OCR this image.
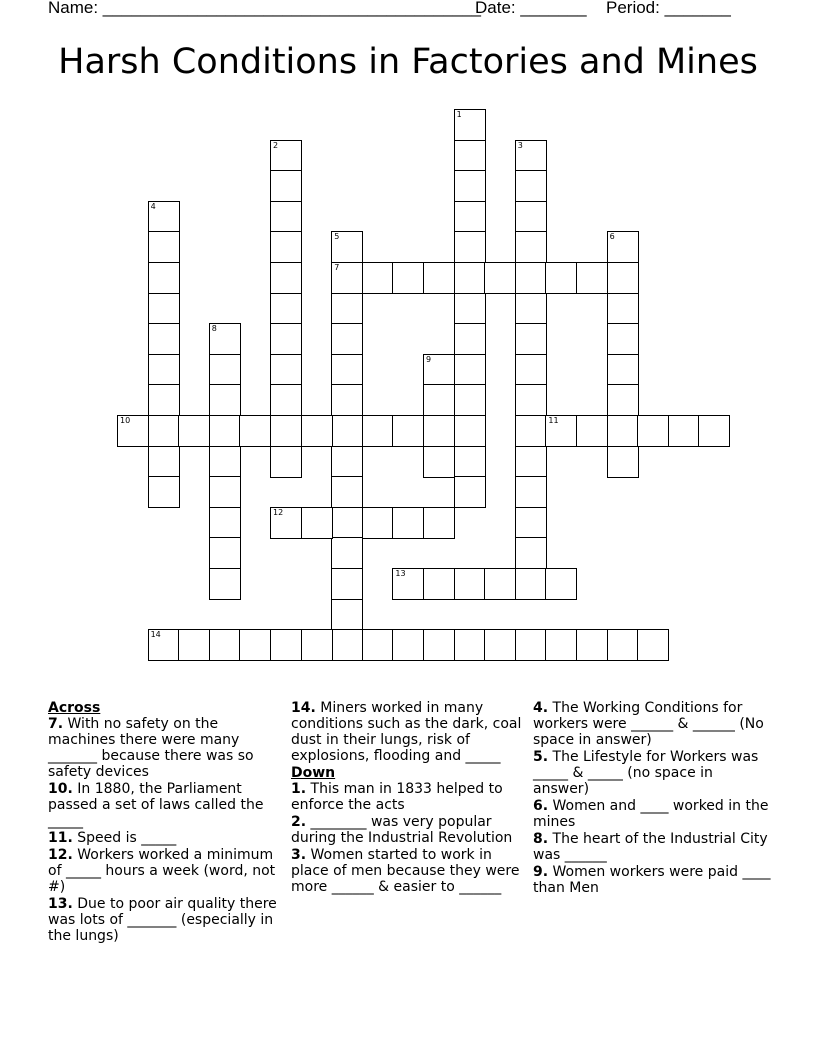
Name: ________________________________________
Date: _______ Period: _______
Harsh Conditions in Factories and Mines
1
2	3
4
5
7
6
8
9
10	11
12
13
14
Across
7. With no safety on the machines there were many _______ because there was so safety devices
10. In 1880, the Parliament passed a set of laws called the _____
11. Speed is _____
12. Workers worked a minimum of _____ hours a week (word, not #)
13. Due to poor air quality there was lots of _______ (especially in the lungs)
14. Miners worked in many conditions such as the dark, coal dust in their lungs, risk of explosions, flooding and _____
Down
1. This man in 1833 helped to enforce the acts
2. ________ was very popular during the Industrial Revolution
3. Women started to work in place of men because they were more ______ & easier to ______
4. The Working Conditions for workers were ______ & ______ (No space in answer)
5. The Lifestyle for Workers was _____ & _____ (no space in answer)
6. Women and ____ worked in the mines
8. The heart of the Industrial City was ______
9. Women workers were paid ____ than Men
